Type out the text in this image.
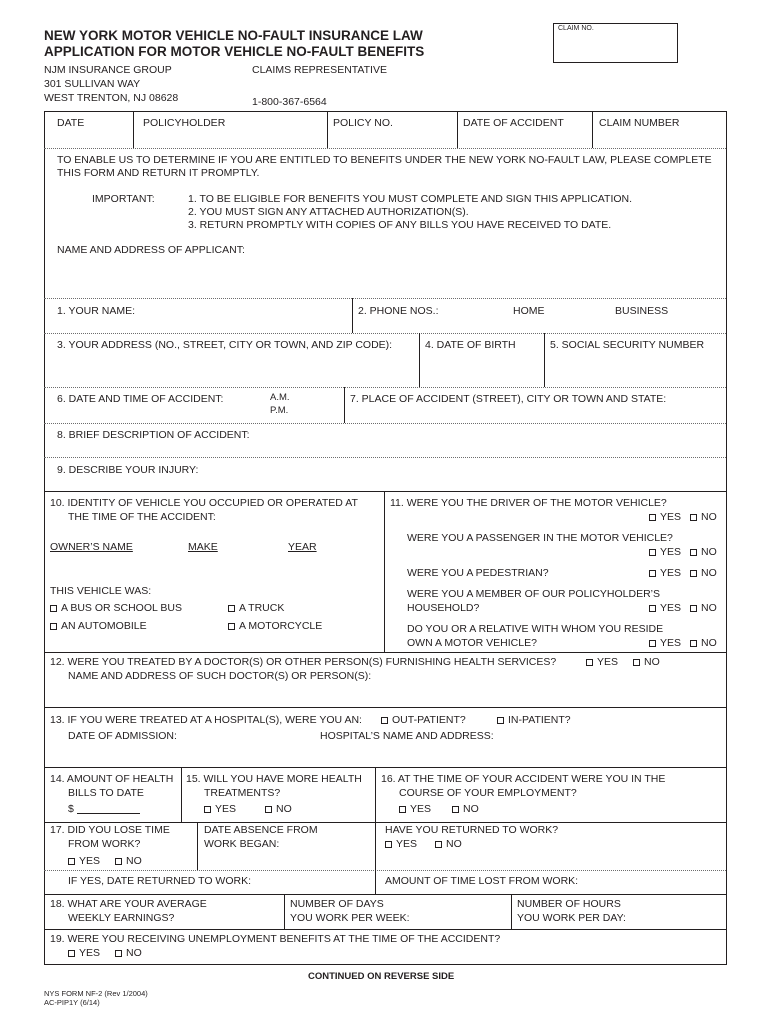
NEW YORK MOTOR VEHICLE NO-FAULT INSURANCE LAW
APPLICATION FOR MOTOR VEHICLE NO-FAULT BENEFITS
CLAIM NO.
NJM INSURANCE GROUP
301 SULLIVAN WAY
WEST TRENTON, NJ 08628
CLAIMS REPRESENTATIVE
1-800-367-6564
DATE	POLICYHOLDER	POLICY NO.	DATE OF ACCIDENT	CLAIM NUMBER
TO ENABLE US TO DETERMINE IF YOU ARE ENTITLED TO BENEFITS UNDER THE NEW YORK NO-FAULT LAW, PLEASE COMPLETE
THIS FORM AND RETURN IT PROMPTLY.
IMPORTANT:	1. TO BE ELIGIBLE FOR BENEFITS YOU MUST COMPLETE AND SIGN THIS APPLICATION.
2. YOU MUST SIGN ANY ATTACHED AUTHORIZATION(S).
3. RETURN PROMPTLY WITH COPIES OF ANY BILLS YOU HAVE RECEIVED TO DATE.
NAME AND ADDRESS OF APPLICANT:
1. YOUR NAME:	2. PHONE NOS.:	HOME	BUSINESS
3. YOUR ADDRESS (NO., STREET, CITY OR TOWN, AND ZIP CODE):	4. DATE OF BIRTH	5. SOCIAL SECURITY NUMBER
6. DATE AND TIME OF ACCIDENT:	A.M.
P.M.
7. PLACE OF ACCIDENT (STREET), CITY OR TOWN AND STATE:
8. BRIEF DESCRIPTION OF ACCIDENT:
9. DESCRIBE YOUR INJURY:
10. IDENTITY OF VEHICLE YOU OCCUPIED OR OPERATED AT
THE TIME OF THE ACCIDENT:
OWNER’S NAME	MAKE	YEAR
THIS VEHICLE WAS:
A BUS OR SCHOOL BUS	A TRUCK
AN AUTOMOBILE	A MOTORCYCLE
11. WERE YOU THE DRIVER OF THE MOTOR VEHICLE?
YES	NO
WERE YOU A PASSENGER IN THE MOTOR VEHICLE?
YES	NO
WERE YOU A PEDESTRIAN?	YES	NO
WERE YOU A MEMBER OF OUR POLICYHOLDER’S
HOUSEHOLD?	YES	NO
DO YOU OR A RELATIVE WITH WHOM YOU RESIDE
OWN A MOTOR VEHICLE?	YES	NO
12. WERE YOU TREATED BY A DOCTOR(S) OR OTHER PERSON(S) FURNISHING HEALTH SERVICES?	YES	NO
NAME AND ADDRESS OF SUCH DOCTOR(S) OR PERSON(S):
13. IF YOU WERE TREATED AT A HOSPITAL(S), WERE YOU AN:	OUT-PATIENT?	IN-PATIENT?
DATE OF ADMISSION:	HOSPITAL’S NAME AND ADDRESS:
14. AMOUNT OF HEALTH
BILLS TO DATE
$
15. WILL YOU HAVE MORE HEALTH
TREATMENTS?
YES	NO
16. AT THE TIME OF YOUR ACCIDENT WERE YOU IN THE
COURSE OF YOUR EMPLOYMENT?
YES	NO
17. DID YOU LOSE TIME
FROM WORK?
YES	NO
DATE ABSENCE FROM
WORK BEGAN:
HAVE YOU RETURNED TO WORK?
YES	NO
IF YES, DATE RETURNED TO WORK:	AMOUNT OF TIME LOST FROM WORK:
18. WHAT ARE YOUR AVERAGE
WEEKLY EARNINGS?
NUMBER OF DAYS
YOU WORK PER WEEK:
NUMBER OF HOURS
YOU WORK PER DAY:
19. WERE YOU RECEIVING UNEMPLOYMENT BENEFITS AT THE TIME OF THE ACCIDENT?
YES	NO
CONTINUED ON REVERSE SIDE
NYS FORM NF-2 (Rev 1/2004)
AC-PIP1Y (6/14)
